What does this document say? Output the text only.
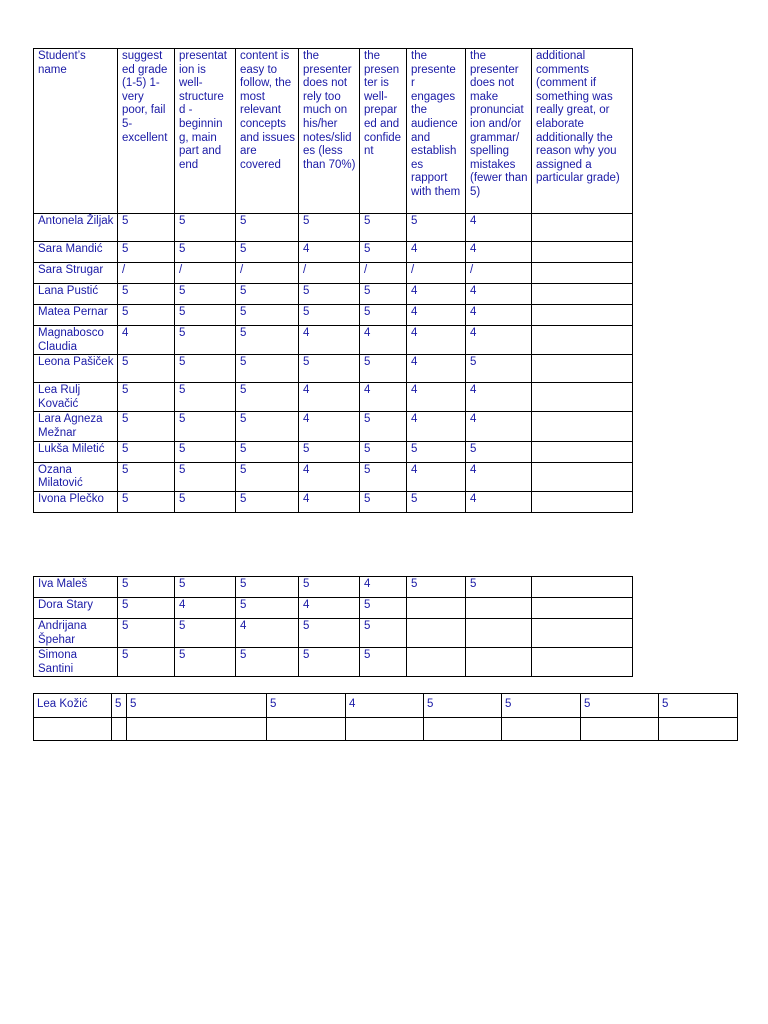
Student’s name	suggest ed grade (1-5) 1- very poor, fail 5- excellent	presentat ion is well- structure d - beginnin g, main part and end	content is easy to follow, the most relevant concepts and issues are covered	the presenter does not rely too much on his/her notes/slid es (less than 70%)	the presen ter is well- prepar ed and confide nt	the presente r engages the audience and establish es rapport with them	the presenter does not make pronunciat ion and/or grammar/ spelling mistakes (fewer than 5)	additional comments (comment if something was really great, or elaborate additionally the reason why you assigned a particular grade)
Antonela Žiljak	5	5	5	5	5	5	4	
Sara Mandić	5	5	5	4	5	4	4	
Sara Strugar	/	/	/	/	/	/	/	
Lana Pustić	5	5	5	5	5	4	4	
Matea Pernar	5	5	5	5	5	4	4	
Magnabosco Claudia	4	5	5	4	4	4	4	
Leona Pašiček	5	5	5	5	5	4	5	
Lea Rulj Kovačić	5	5	5	4	4	4	4	
Lara Agneza Mežnar	5	5	5	4	5	4	4	
Lukša Miletić	5	5	5	5	5	5	5	
Ozana Milatović	5	5	5	4	5	4	4	
Ivona Plečko	5	5	5	4	5	5	4	
Iva Maleš	5	5	5	5	4	5	5	
Dora Stary	5	4	5	4	5			
Andrijana Špehar	5	5	4	5	5			
Simona Santini	5	5	5	5	5			
Lea Kožić	5	5	5	4	5	5	5	5
